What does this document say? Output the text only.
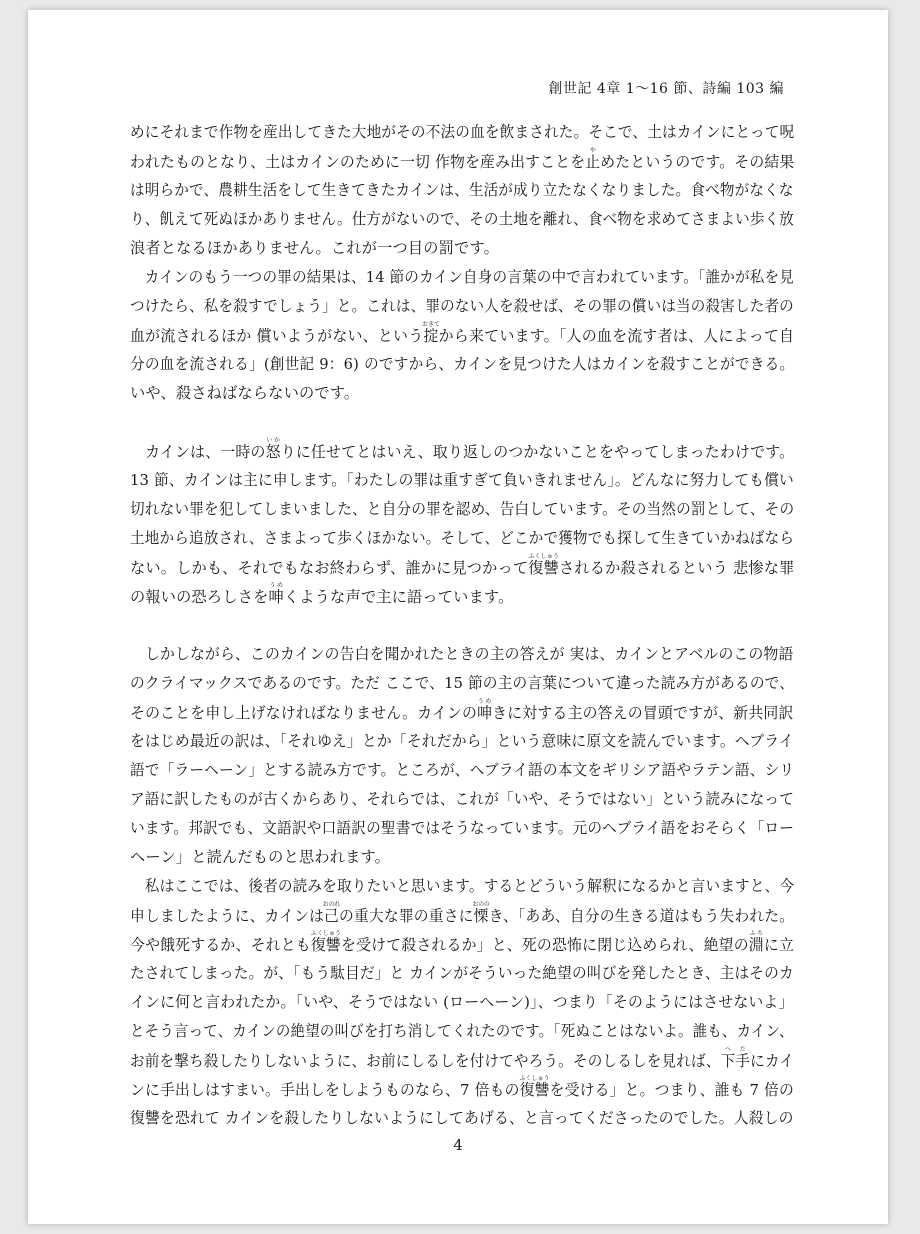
創世記 4章 1〜16 節、詩編 103 編
めにそれまで作物を産出してきた大地がその不法の血を飲まされた。そこで、土はカインにとって呪
われたものとなり、土はカインのために一切 作物を産み出すことを止やめたというのです。その結果
は明らかで、農耕生活をして生きてきたカインは、生活が成り立たなくなりました。食べ物がなくな
り、飢えて死ぬほかありません。仕方がないので、その土地を離れ、食べ物を求めてさまよい歩く放
浪者となるほかありません。これが一つ目の罰です。
　カインのもう一つの罪の結果は、14 節のカイン自身の言葉の中で言われています。「誰かが私を見
つけたら、私を殺すでしょう」と。これは、罪のない人を殺せば、その罪の償いは当の殺害した者の
血が流されるほか 償いようがない、という掟おきてから来ています。「人の血を流す者は、人によって自
分の血を流される」(創世記 9：6) のですから、カインを見つけた人はカインを殺すことができる。
いや、殺さねばならないのです。
　カインは、一時の怒いかりに任せてとはいえ、取り返しのつかないことをやってしまったわけです。
13 節、カインは主に申します。「わたしの罪は重すぎて負いきれません」。どんなに努力しても償い
切れない罪を犯してしまいました、と自分の罪を認め、告白しています。その当然の罰として、その
土地から追放され、さまよって歩くほかない。そして、どこかで獲物でも探して生きていかねばなら
ない。しかも、それでもなお終わらず、誰かに見つかって復讐ふくしゅうされるか殺されるという 悲惨な罪
の報いの恐ろしさを呻うめくような声で主に語っています。
　しかしながら、このカインの告白を聞かれたときの主の答えが 実は、カインとアベルのこの物語
のクライマックスであるのです。ただ ここで、15 節の主の言葉について違った読み方があるので、
そのことを申し上げなければなりません。カインの呻うめきに対する主の答えの冒頭ですが、新共同訳
をはじめ最近の訳は、「それゆえ」とか「それだから」という意味に原文を読んでいます。ヘブライ
語で「ラーヘーン」とする読み方です。ところが、ヘブライ語の本文をギリシア語やラテン語、シリ
ア語に訳したものが古くからあり、それらでは、これが「いや、そうではない」という読みになって
います。邦訳でも、文語訳や口語訳の聖書ではそうなっています。元のヘブライ語をおそらく「ロー
ヘーン」と読んだものと思われます。
　私はここでは、後者の読みを取りたいと思います。するとどういう解釈になるかと言いますと、今
申しましたように、カインは己おのれの重大な罪の重さに慄おののき、「ああ、自分の生きる道はもう失われた。
今や餓死するか、それとも復讐ふくしゅうを受けて殺されるか」と、死の恐怖に閉じ込められ、絶望の淵ふちに立
たされてしまった。が、「もう駄目だ」と カインがそういった絶望の叫びを発したとき、主はそのカ
インに何と言われたか。「いや、そうではない (ローヘーン)」、つまり「そのようにはさせないよ」
とそう言って、カインの絶望の叫びを打ち消してくれたのです。「死ぬことはないよ。誰も、カイン、
お前を撃ち殺したりしないように、お前にしるしを付けてやろう。そのしるしを見れば、下手へたにカイ
ンに手出しはすまい。手出しをしようものなら、7 倍もの復讐ふくしゅうを受ける」と。つまり、誰も 7 倍の
復讐を恐れて カインを殺したりしないようにしてあげる、と言ってくださったのでした。人殺しの
4
